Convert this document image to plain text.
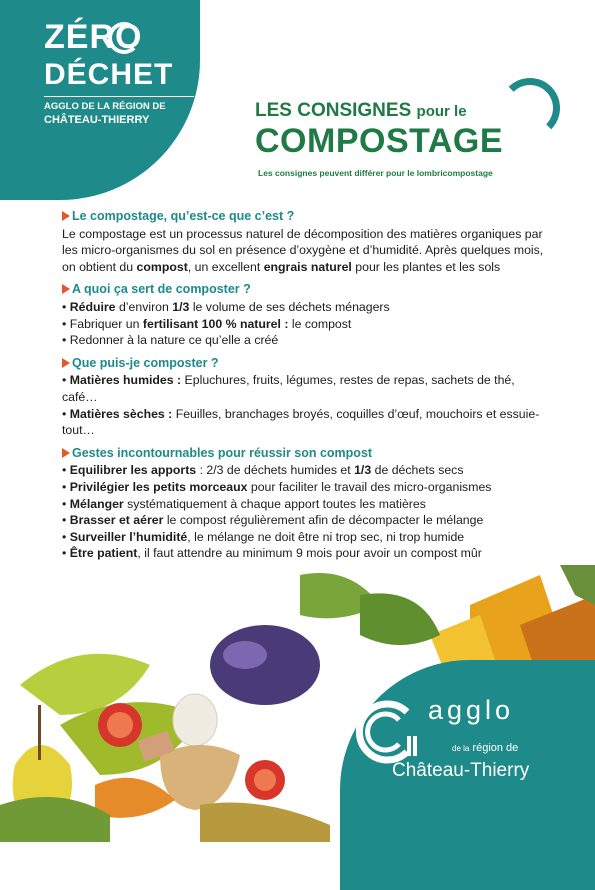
ZÉRO
DÉCHET
AGGLO DE LA RÉGION DE
CHÂTEAU-THIERRY	LES CONSIGNES pour le
COMPOSTAGE
Les consignes peuvent différer pour le lombricompostage
Le compostage, qu’est-ce que c’est ?

Le compostage est un processus naturel de décomposition des matières organiques par les micro-organismes du sol en présence d’oxygène et d’humidité. Après quelques mois, on obtient du compost, un excellent engrais naturel pour les plantes et les sols

A quoi ça sert de composter ?

• Réduire d’environ 1/3 le volume de ses déchets ménagers

• Fabriquer un fertilisant 100 % naturel : le compost

• Redonner à la nature ce qu’elle a créé

Que puis-je composter ?

• Matières humides : Epluchures, fruits, légumes, restes de repas, sachets de thé, café…

• Matières sèches : Feuilles, branchages broyés, coquilles d’œuf, mouchoirs et essuie-tout…

Gestes incontournables pour réussir son compost

• Equilibrer les apports : 2/3 de déchets humides et 1/3 de déchets secs

• Privilégier les petits morceaux pour faciliter le travail des micro-organismes

• Mélanger systématiquement à chaque apport toutes les matières

• Brasser et aérer le compost régulièrement afin de décompacter le mélange

• Surveiller l’humidité, le mélange ne doit être ni trop sec, ni trop humide

• Être patient, il faut attendre au minimum 9 mois pour avoir un compost mûr

agglo
de la région de
Château-Thierry
